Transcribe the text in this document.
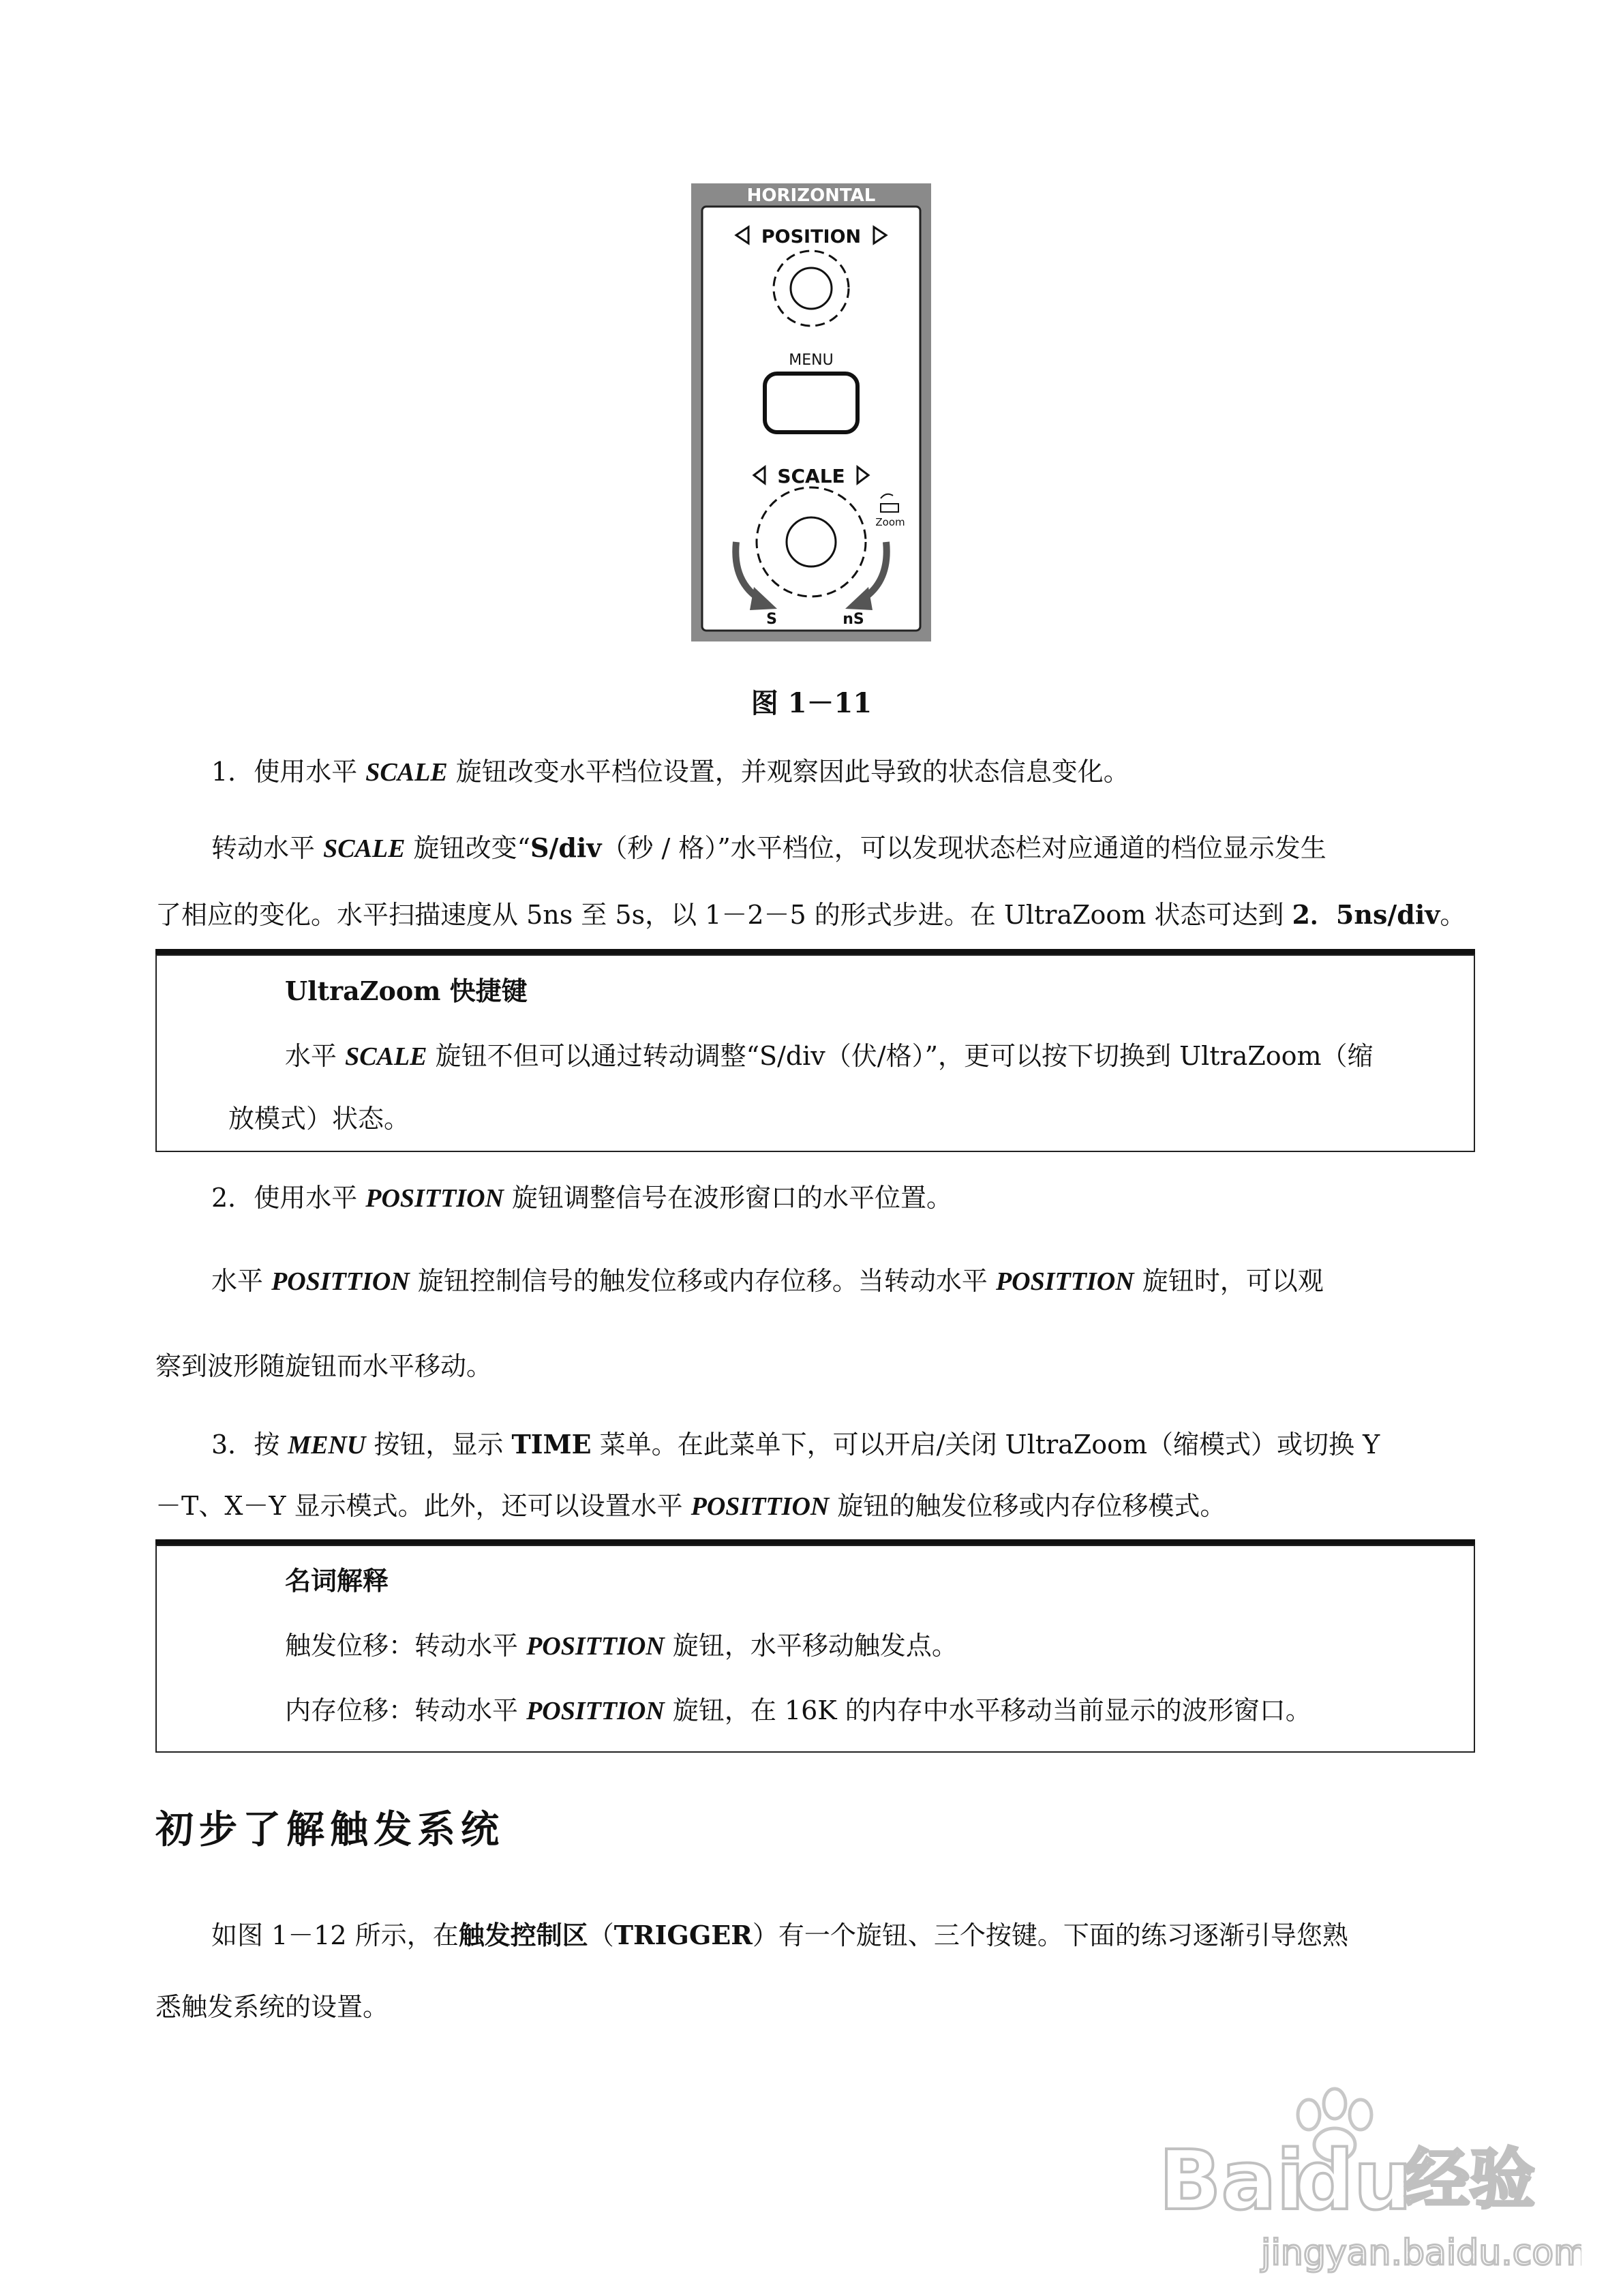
HORIZONTAL
POSITION
MENU
SCALE
Zoom
S	nS
图 1－11
1．使用水平 SCALE 旋钮改变水平档位设置，并观察因此导致的状态信息变化。
转动水平 SCALE 旋钮改变“S/div（秒 / 格）”水平档位，可以发现状态栏对应通道的档位显示发生
了相应的变化。水平扫描速度从 5ns 至 5s，以 1－2－5 的形式步进。在 UltraZoom 状态可达到 2．5ns/div。
UltraZoom 快捷键
水平 SCALE 旋钮不但可以通过转动调整“S/div（伏/格）”，更可以按下切换到 UltraZoom（缩
放模式）状态。
2．使用水平 POSITTION 旋钮调整信号在波形窗口的水平位置。
水平 POSITTION 旋钮控制信号的触发位移或内存位移。当转动水平 POSITTION 旋钮时，可以观
察到波形随旋钮而水平移动。
3．按 MENU 按钮，显示 TIME 菜单。在此菜单下，可以开启/关闭 UltraZoom（缩模式）或切换 Y
－T、X－Y 显示模式。此外，还可以设置水平 POSITTION 旋钮的触发位移或内存位移模式。
名词解释
触发位移：转动水平 POSITTION 旋钮，水平移动触发点。
内存位移：转动水平 POSITTION 旋钮，在 16K 的内存中水平移动当前显示的波形窗口。
初步了解触发系统
如图 1－12 所示，在触发控制区（TRIGGER）有一个旋钮、三个按键。下面的练习逐渐引导您熟
悉触发系统的设置。
Bai
du
经验
jingyan.baidu.com
